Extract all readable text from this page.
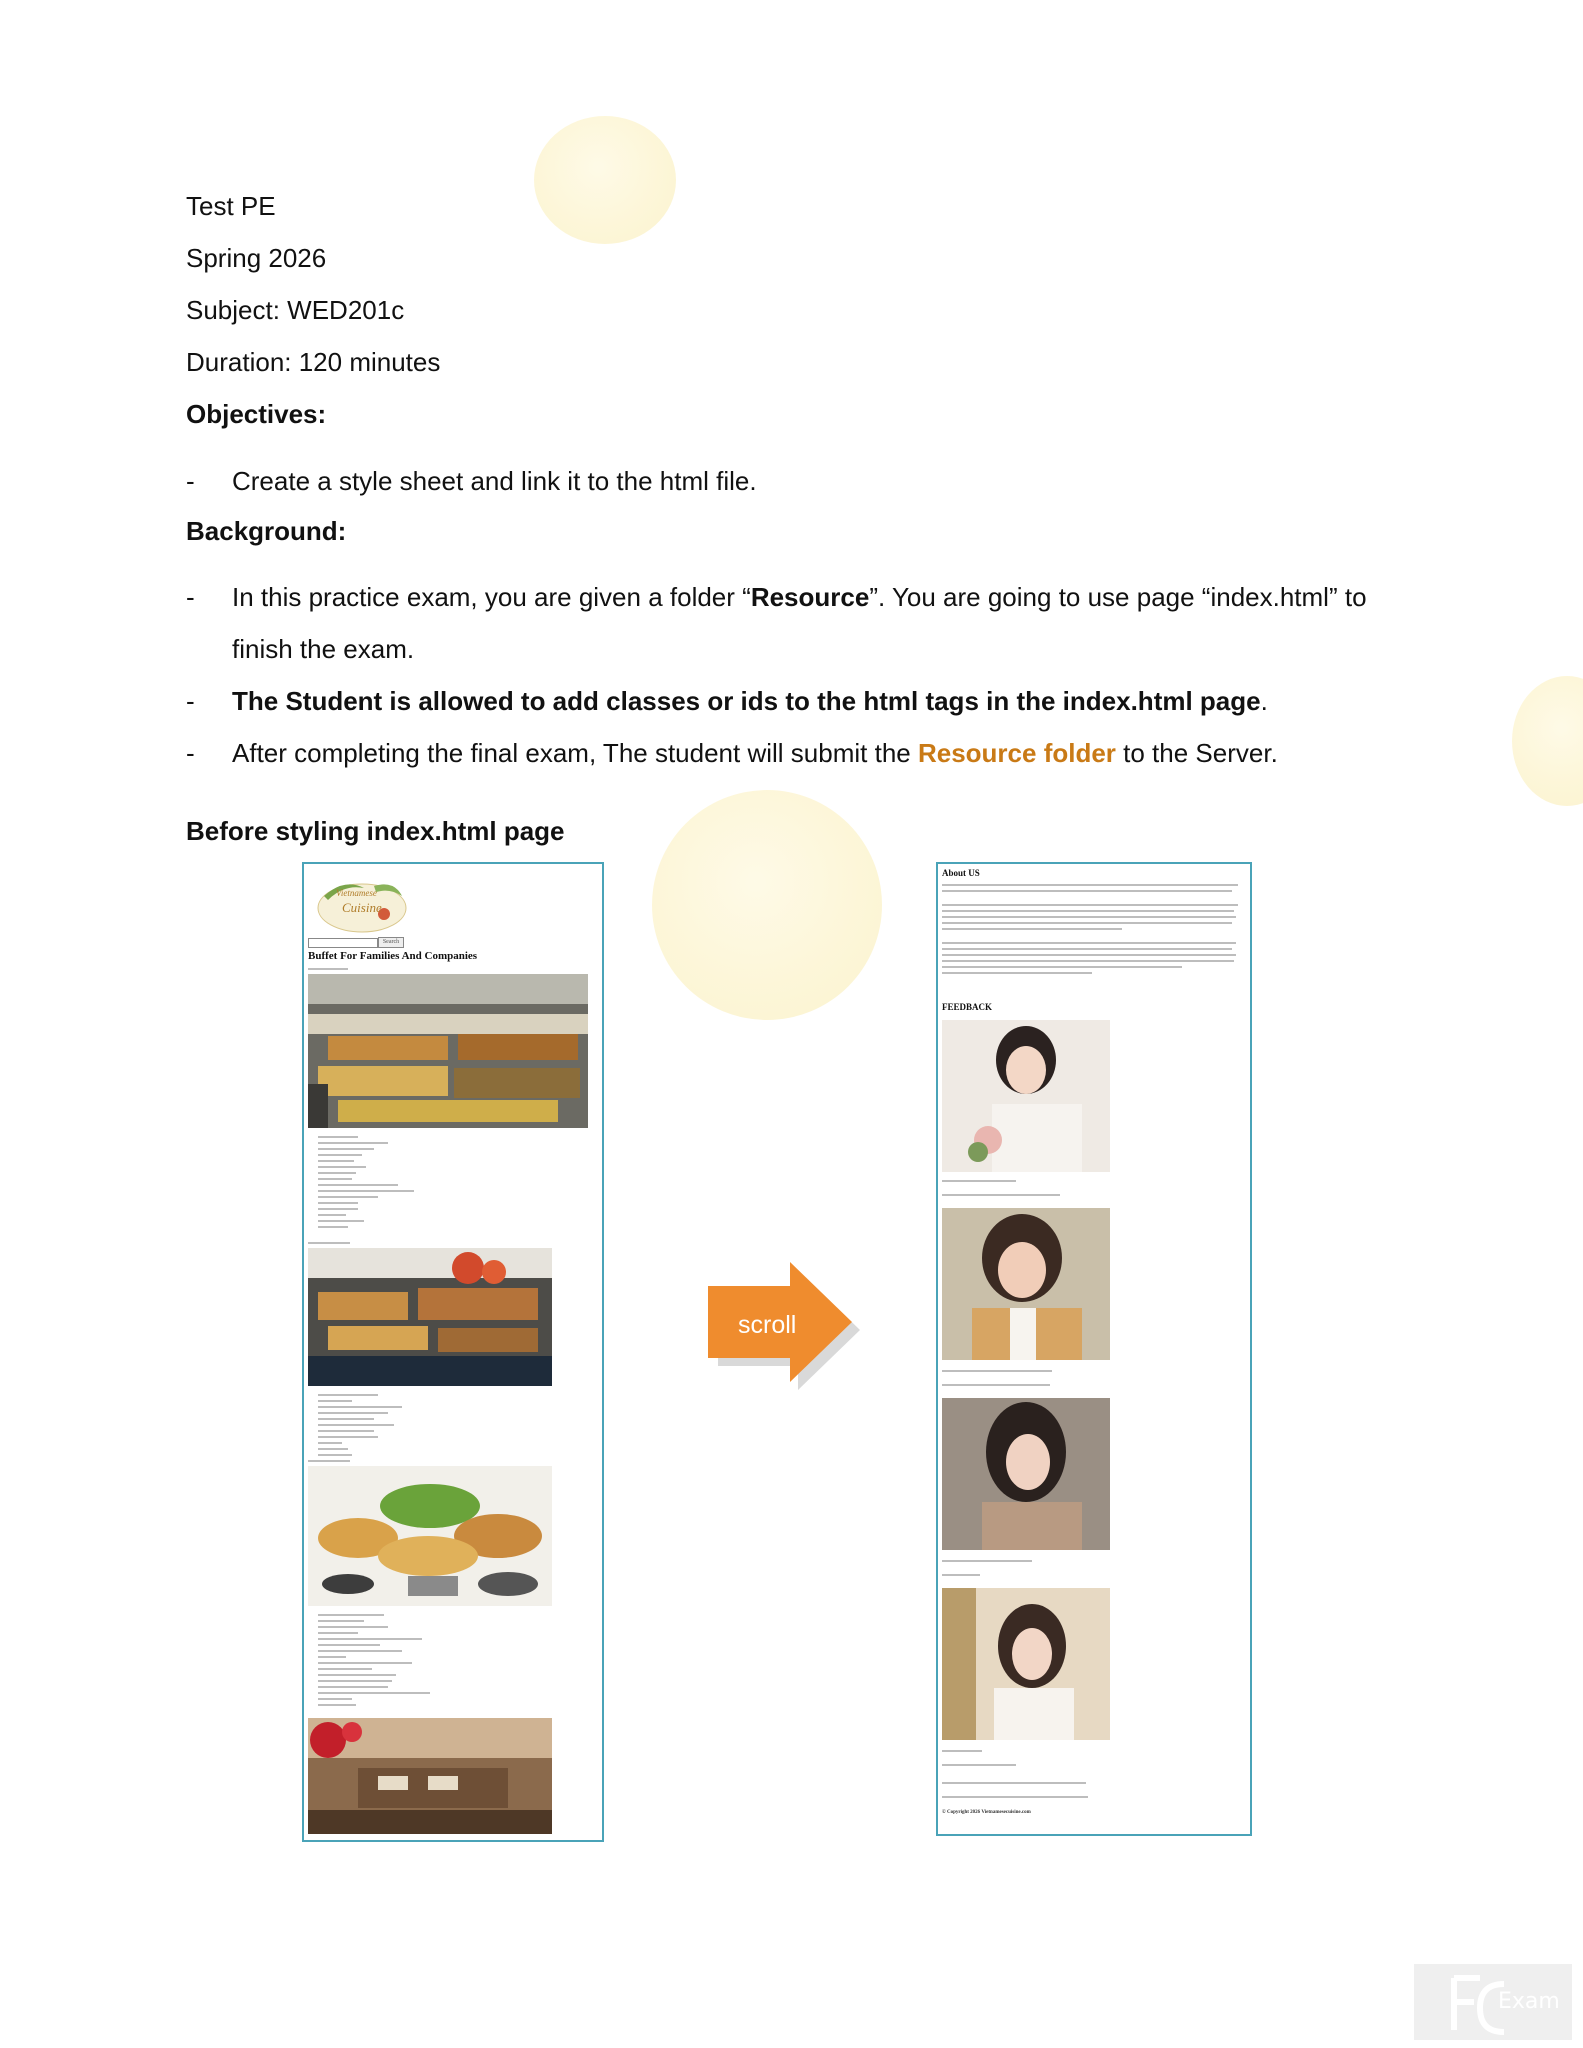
Test PE
Spring 2026
Subject: WED201c
Duration: 120 minutes
Objectives:
- Create a style sheet and link it to the html file.
Background:
- In this practice exam, you are given a folder “Resource”. You are going to use page “index.html” to
finish the exam.
- The Student is allowed to add classes or ids to the html tags in the index.html page.
- After completing the final exam, The student will submit the Resource folder to the Server.
Before styling index.html page
Vietnamese
Cuisine
Search
Buffet For Families And Companies
scroll
About US
FEEDBACK
© Copyright 2026 Vietnamesecuisine.com
Exam
